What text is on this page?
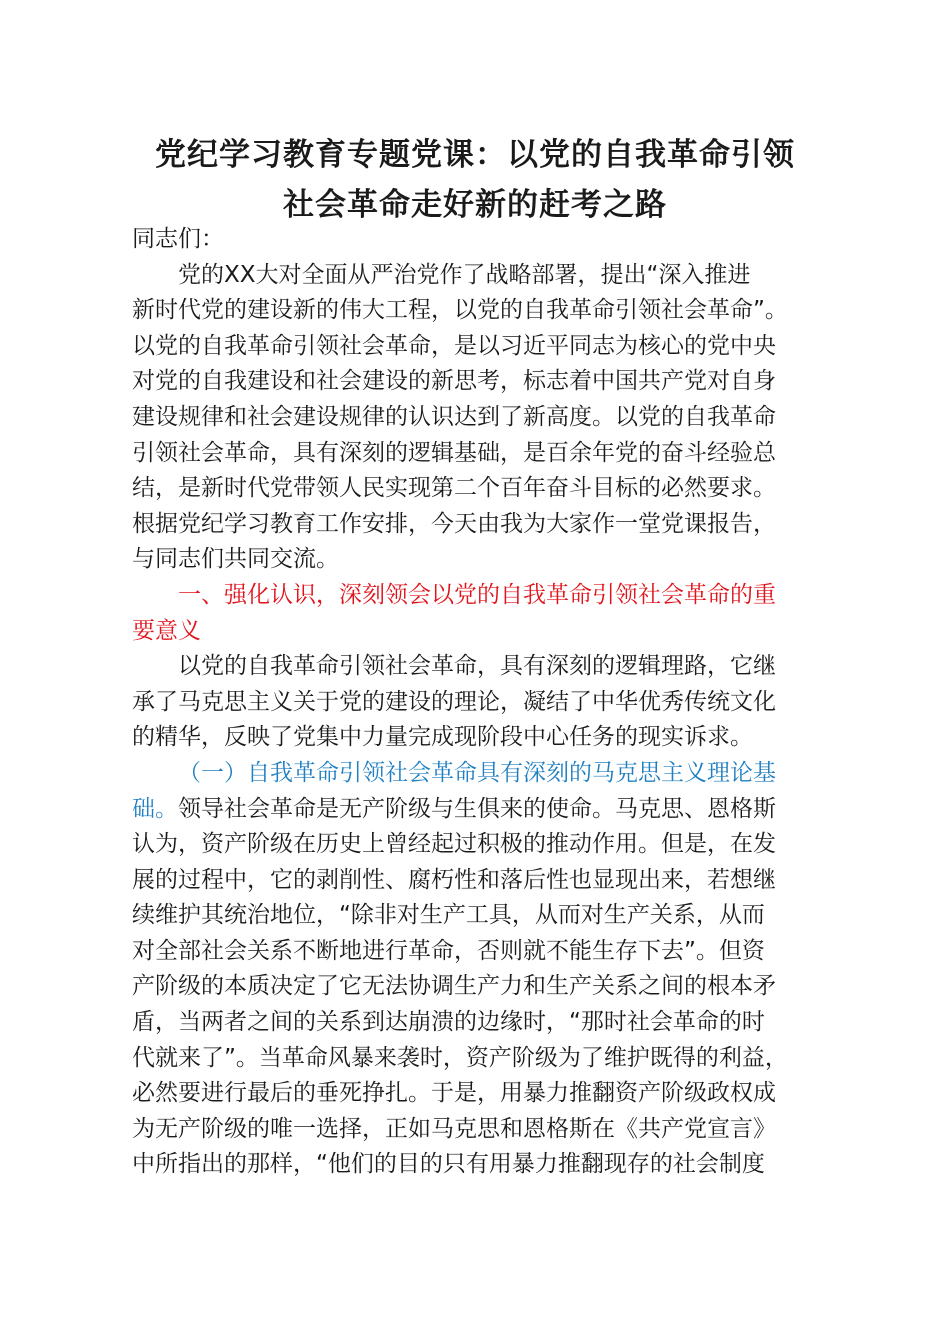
党纪学习教育专题党课：以党的自我革命引领
社会革命走好新的赶考之路
同志们：
党的XX大对全面从严治党作了战略部署，提出“深入推进
新时代党的建设新的伟大工程，以党的自我革命引领社会革命”。
以党的自我革命引领社会革命，是以习近平同志为核心的党中央
对党的自我建设和社会建设的新思考，标志着中国共产党对自身
建设规律和社会建设规律的认识达到了新高度。以党的自我革命
引领社会革命，具有深刻的逻辑基础，是百余年党的奋斗经验总
结，是新时代党带领人民实现第二个百年奋斗目标的必然要求。
根据党纪学习教育工作安排，今天由我为大家作一堂党课报告，
与同志们共同交流。
一、强化认识，深刻领会以党的自我革命引领社会革命的重
要意义
以党的自我革命引领社会革命，具有深刻的逻辑理路，它继
承了马克思主义关于党的建设的理论，凝结了中华优秀传统文化
的精华，反映了党集中力量完成现阶段中心任务的现实诉求。
（一）自我革命引领社会革命具有深刻的马克思主义理论基
础。领导社会革命是无产阶级与生俱来的使命。马克思、恩格斯
认为，资产阶级在历史上曾经起过积极的推动作用。但是，在发
展的过程中，它的剥削性、腐朽性和落后性也显现出来，若想继
续维护其统治地位，“除非对生产工具，从而对生产关系，从而
对全部社会关系不断地进行革命，否则就不能生存下去”。但资
产阶级的本质决定了它无法协调生产力和生产关系之间的根本矛
盾，当两者之间的关系到达崩溃的边缘时，“那时社会革命的时
代就来了”。当革命风暴来袭时，资产阶级为了维护既得的利益，
必然要进行最后的垂死挣扎。于是，用暴力推翻资产阶级政权成
为无产阶级的唯一选择，正如马克思和恩格斯在《共产党宣言》
中所指出的那样，“他们的目的只有用暴力推翻现存的社会制度
